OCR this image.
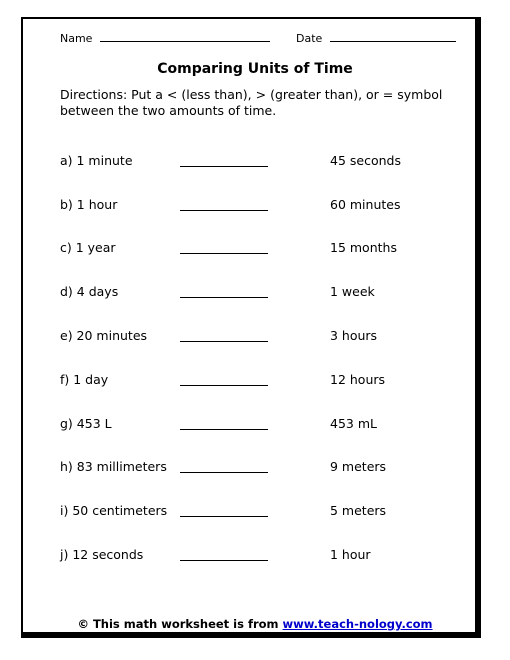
Name	Date
Comparing Units of Time
Directions: Put a < (less than), > (greater than), or = symbol between the two amounts of time.
a) 1 minute	45 seconds
b) 1 hour	60 minutes
c) 1 year	15 months
d) 4 days	1 week
e) 20 minutes	3 hours
f) 1 day	12 hours
g) 453 L	453 mL
h) 83 millimeters	9 meters
i) 50 centimeters	5 meters
j) 12 seconds	1 hour
© This math worksheet is from www.teach-nology.com
